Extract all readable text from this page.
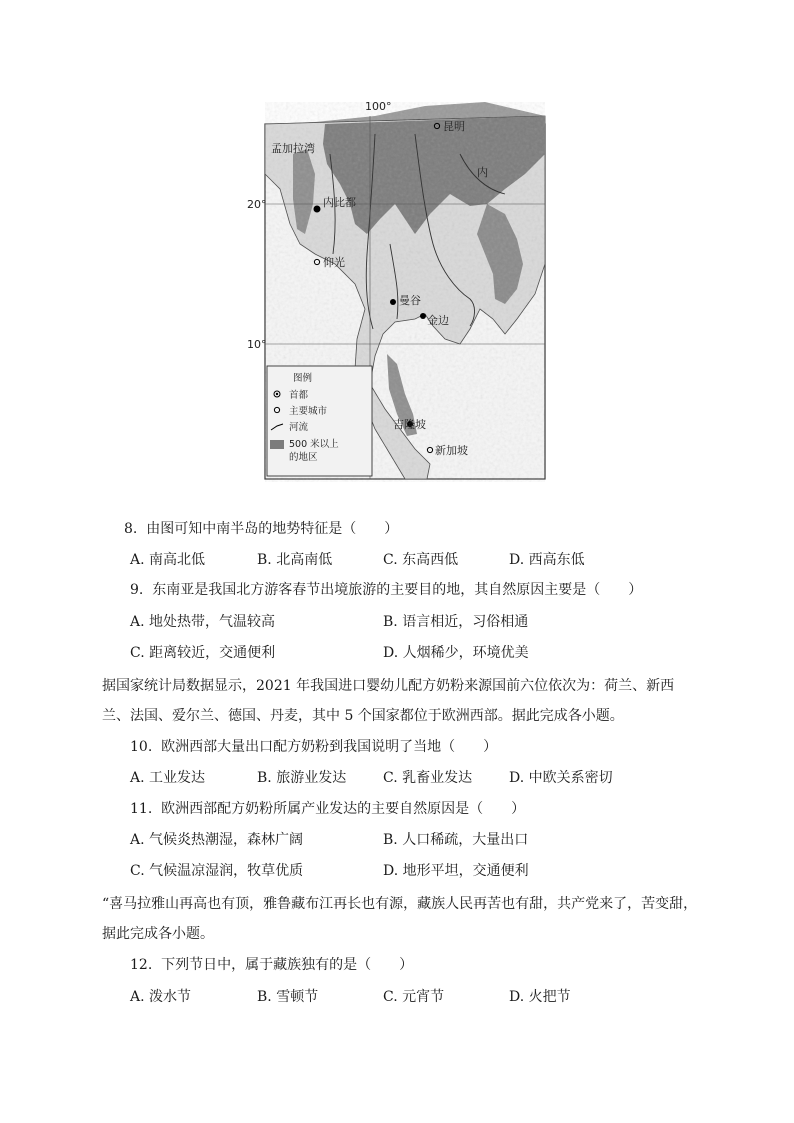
20°
10°
100°
昆明
内
孟加拉湾
内比都
仰光
曼谷
金边
吉隆坡
新加坡
图例
首都
主要城市
河流
500 米以上
的地区
8. 由图可知中南半岛的地势特征是（　　）
A. 南高北低	B. 北高南低	C. 东高西低	D. 西高东低
9. 东南亚是我国北方游客春节出境旅游的主要目的地，其自然原因主要是（　　）
A. 地处热带，气温较高	B. 语言相近，习俗相通
C. 距离较近，交通便利	D. 人烟稀少，环境优美
据国家统计局数据显示，2021 年我国进口婴幼儿配方奶粉来源国前六位依次为：荷兰、新西兰、法国、爱尔兰、德国、丹麦，其中 5 个国家都位于欧洲西部。据此完成各小题。
10. 欧洲西部大量出口配方奶粉到我国说明了当地（　　）
A. 工业发达	B. 旅游业发达	C. 乳畜业发达	D. 中欧关系密切
11. 欧洲西部配方奶粉所属产业发达的主要自然原因是（　　）
A. 气候炎热潮湿，森林广阔	B. 人口稀疏，大量出口
C. 气候温凉湿润，牧草优质	D. 地形平坦，交通便利
“喜马拉雅山再高也有顶，雅鲁藏布江再长也有源，藏族人民再苦也有甜，共产党来了，苦变甜，据此完成各小题。
12. 下列节日中，属于藏族独有的是（　　）
A. 泼水节	B. 雪顿节	C. 元宵节	D. 火把节
